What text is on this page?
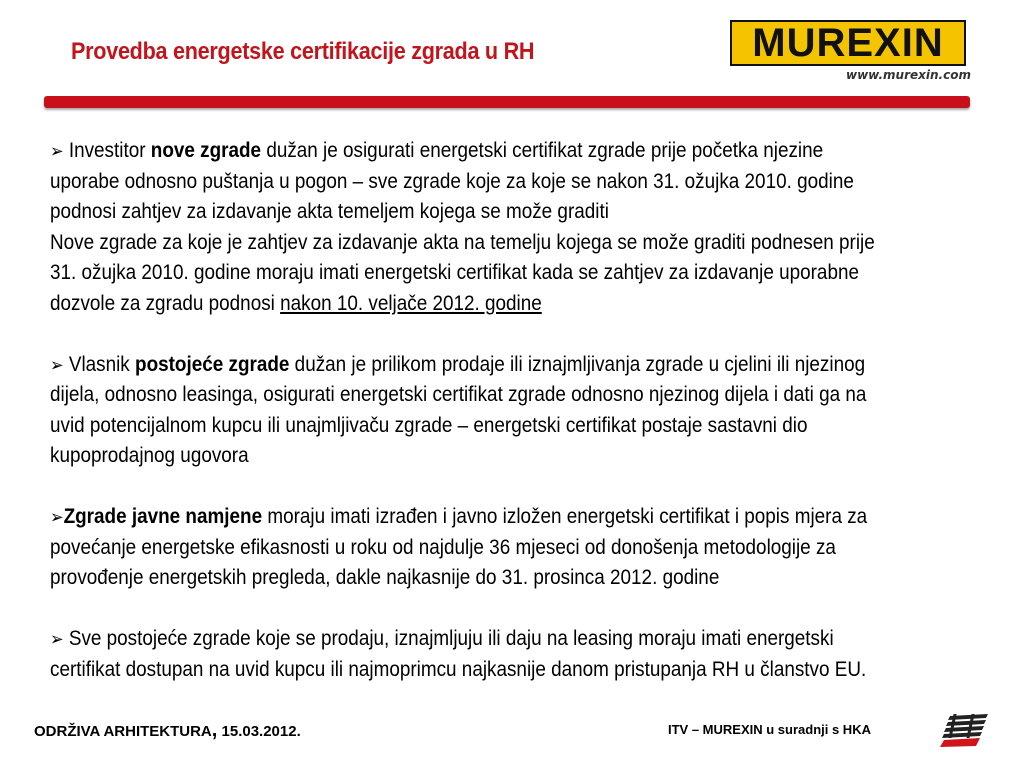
Provedba energetske certifikacije zgrada u RH	MUREXIN
www.murexin.com

➢ Investitor nove zgrade dužan je osigurati energetski certifikat zgrade prije početka njezine uporabe odnosno puštanja u pogon – sve zgrade koje za koje se nakon 31. ožujka 2010. godine podnosi zahtjev za izdavanje akta temeljem kojega se može graditi

Nove zgrade za koje je zahtjev za izdavanje akta na temelju kojega se može graditi podnesen prije 31. ožujka 2010. godine moraju imati energetski certifikat kada se zahtjev za izdavanje uporabne dozvole za zgradu podnosi nakon 10. veljače 2012. godine

➢ Vlasnik postojeće zgrade dužan je prilikom prodaje ili iznajmljivanja zgrade u cjelini ili njezinog dijela, odnosno leasinga, osigurati energetski certifikat zgrade odnosno njezinog dijela i dati ga na uvid potencijalnom kupcu ili unajmljivaču zgrade – energetski certifikat postaje sastavni dio kupoprodajnog ugovora

➢Zgrade javne namjene moraju imati izrađen i javno izložen energetski certifikat i popis mjera za povećanje energetske efikasnosti u roku od najdulje 36 mjeseci od donošenja metodologije za provođenje energetskih pregleda, dakle najkasnije do 31. prosinca 2012. godine

➢ Sve postojeće zgrade koje se prodaju, iznajmljuju ili daju na leasing moraju imati energetski certifikat dostupan na uvid kupcu ili najmoprimcu najkasnije danom pristupanja RH u članstvo EU.

ODRŽIVA ARHITEKTURA, 15.03.2012.	ITV – MUREXIN u suradnji s HKA
